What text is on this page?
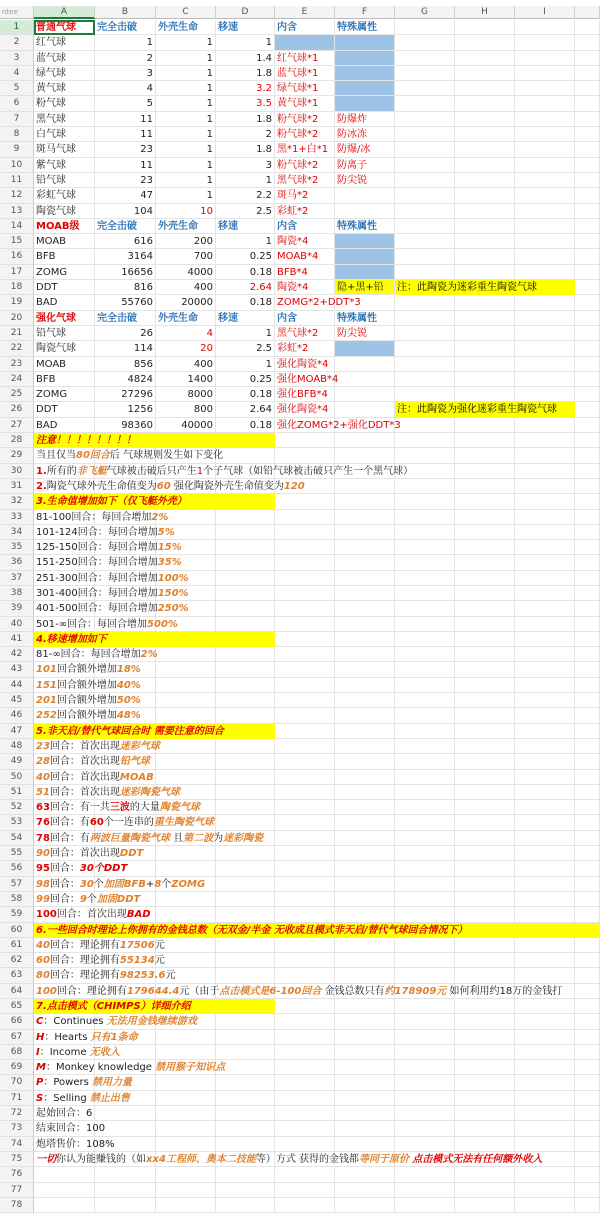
ntee	A	B	C	D	E	F	G	H	I
1	普通气球	完全击破	外壳生命	移速	内含	特殊属性
2	红气球	1	1	1
3	蓝气球	2	1	1.4 红气球*1
4	绿气球	3	1	1.8 蓝气球*1
5	黄气球	4	1	3.2 绿气球*1
6	粉气球	5	1	3.5 黄气球*1
7	黑气球	11	1	1.8 粉气球*2	防爆炸
8	白气球	11	1	2 粉气球*2	防冰冻
9	斑马气球	23	1	1.8 黑*1+白*1 防爆/冰
10	紫气球	11	1	3 粉气球*2	防离子
11	铅气球	23	1	1 黑气球*2	防尖锐
12	彩虹气球	47	1	2.2 斑马*2
13	陶瓷气球	104	10	2.5 彩虹*2
14	MOAB级	完全击破	外壳生命	移速	内含	特殊属性
15	MOAB	616	200	1 陶瓷*4
16	BFB	3164	700	0.25 MOAB*4
17	ZOMG	16656	4000	0.18 BFB*4
18	DDT	816	400	2.64 陶瓷*4	隐+黑+铅	注：此陶瓷为迷彩重生陶瓷气球
19	BAD	55760	20000	0.18 ZOMG*2+DDT*3
20	强化气球	完全击破	外壳生命	移速	内含	特殊属性
21	铅气球	26	4	1 黑气球*2	防尖锐
22	陶瓷气球	114	20	2.5 彩虹*2
23	MOAB	856	400	1 强化陶瓷*4
24	BFB	4824	1400	0.25 强化MOAB*4
25	ZOMG	27296	8000	0.18 强化BFB*4
26	DDT	1256	800	2.64 强化陶瓷*4	注：此陶瓷为强化迷彩重生陶瓷气球
27	BAD	98360	40000	0.18 强化ZOMG*2+强化DDT*3
28	注意！！！！！！！！
29	当且仅当80回合后 气球规则发生如下变化
30	1.所有的非飞艇气球被击破后只产生1个子气球（如铅气球被击破只产生一个黑气球）
31	2.陶瓷气球外壳生命值变为60 强化陶瓷外壳生命值变为120
32	3.生命值增加如下（仅飞艇外壳）
33	81-100回合：每回合增加2%
34	101-124回合：每回合增加5%
35	125-150回合：每回合增加15%
36	151-250回合：每回合增加35%
37	251-300回合：每回合增加100%
38	301-400回合：每回合增加150%
39	401-500回合：每回合增加250%
40	501-∞回合：每回合增加500%
41	4.移速增加如下
42	81-∞回合：每回合增加2%
43	101回合额外增加18%
44	151回合额外增加40%
45	201回合额外增加50%
46	252回合额外增加48%
47	5.非天启/替代气球回合时 需要注意的回合
48	23回合：首次出现迷彩气球
49	28回合：首次出现铅气球
50	40回合：首次出现MOAB
51	51回合：首次出现迷彩陶瓷气球
52	63回合：有一共三波的大量陶瓷气球
53	76回合：有60个一连串的重生陶瓷气球
54	78回合：有两波巨量陶瓷气球 且第二波为迷彩陶瓷
55	90回合：首次出现DDT
56	95回合：30个DDT
57	98回合：30个加固BFB+8个ZOMG
58	99回合：9个加固DDT
59	100回合：首次出现BAD
60	6.一些回合时理论上你拥有的金钱总数（无双金/半金 无收成且模式非天启/替代气球回合情况下）
61	40回合：理论拥有17506元
62	60回合：理论拥有55134元
63	80回合：理论拥有98253.6元
64	100回合：理论拥有179644.4元（由于点击模式是6-100回合 金钱总数只有约178909元 如何利用约18万的金钱打
65	7.点击模式（CHIMPS）详细介绍
66	C：Continues 无法用金钱继续游戏
67	H：Hearts 只有1条命
68	I：Income 无收入
69	M：Monkey knowledge 禁用猴子知识点
70	P：Powers 禁用力量
71	S：Selling 禁止出售
72	起始回合：6
73	结束回合：100
74	炮塔售价：108%
75	一切你认为能赚钱的（如xx4工程师、奥本二技能等）方式 获得的金钱都等同于原价 点击模式无法有任何额外收入
76
77
78
